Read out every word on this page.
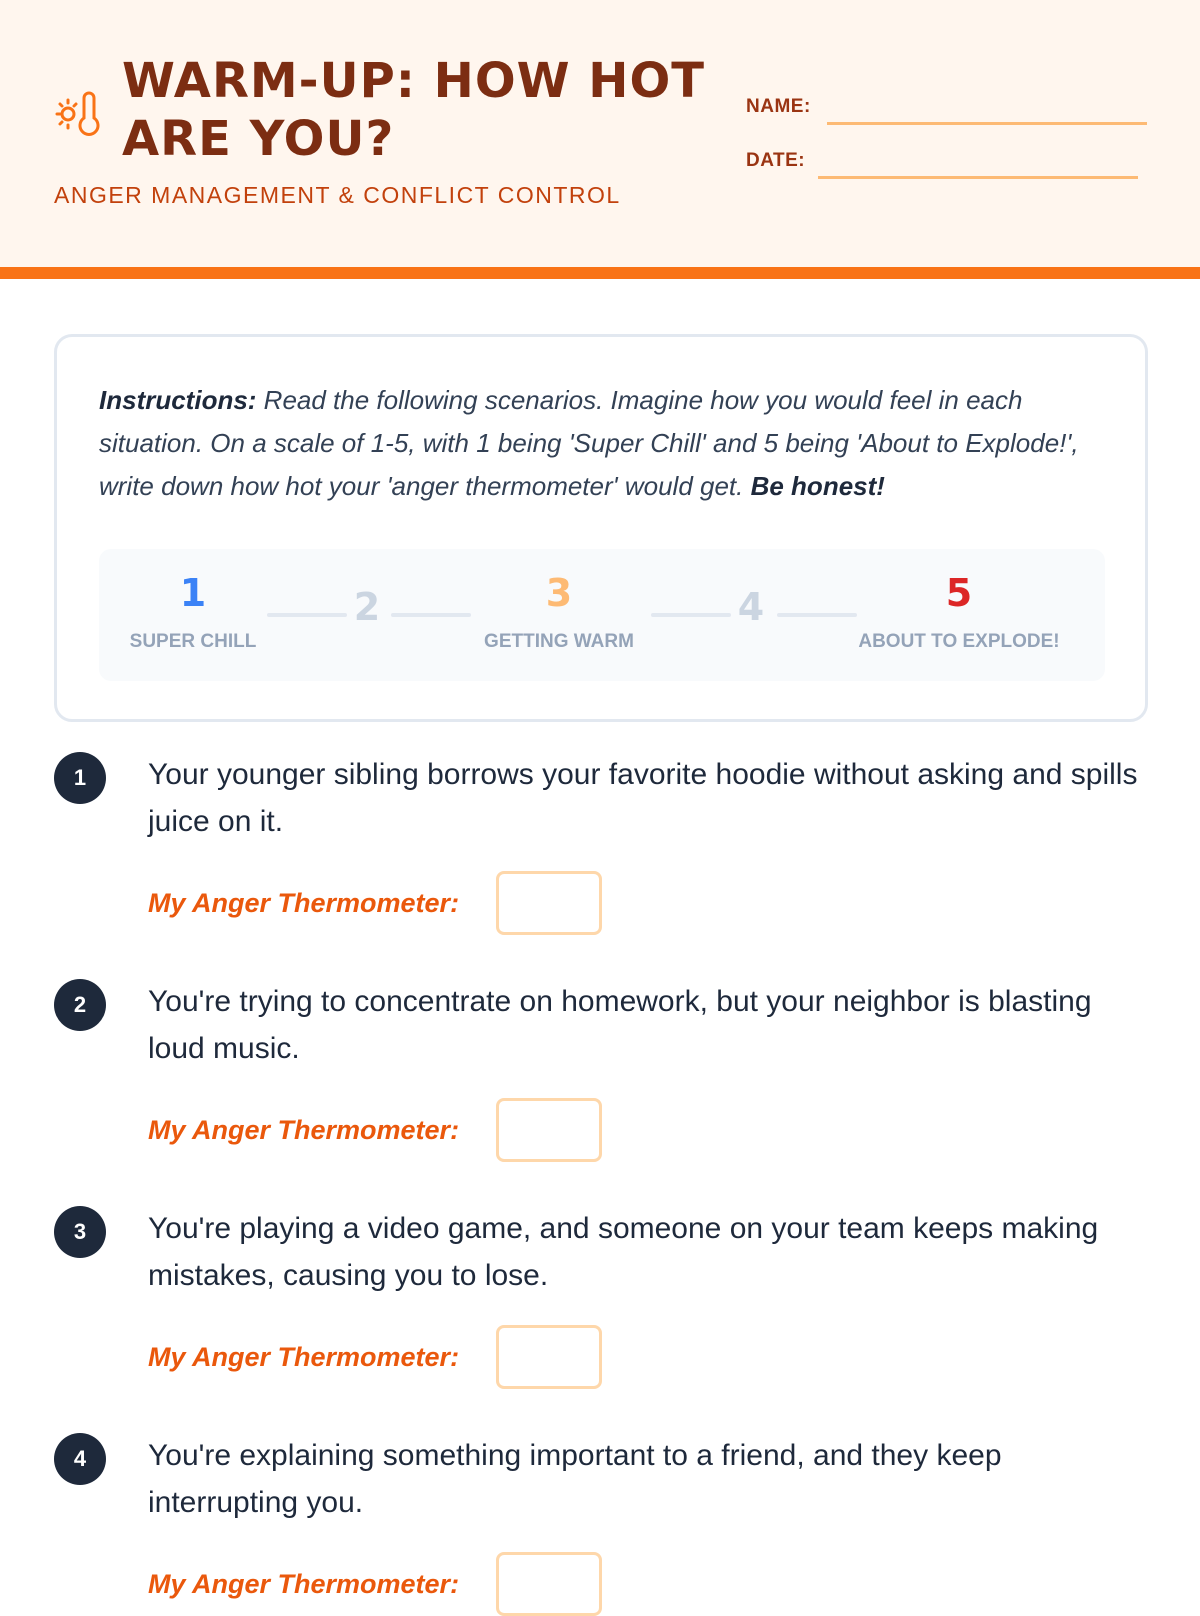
WARM-UP: HOW HOT ARE YOU?
ANGER MANAGEMENT & CONFLICT CONTROL
NAME:
DATE:
Instructions: Read the following scenarios. Imagine how you would feel in each situation. On a scale of 1-5, with 1 being 'Super Chill' and 5 being 'About to Explode!', write down how hot your 'anger thermometer' would get. Be honest!
1
SUPER CHILL
2	3
GETTING WARM
4	5
ABOUT TO EXPLODE!
1	Your younger sibling borrows your favorite hoodie without asking and spills juice on it.
My Anger Thermometer:
2	You're trying to concentrate on homework, but your neighbor is blasting loud music.
My Anger Thermometer:
3	You're playing a video game, and someone on your team keeps making mistakes, causing you to lose.
My Anger Thermometer:
4	You're explaining something important to a friend, and they keep interrupting you.
My Anger Thermometer:
